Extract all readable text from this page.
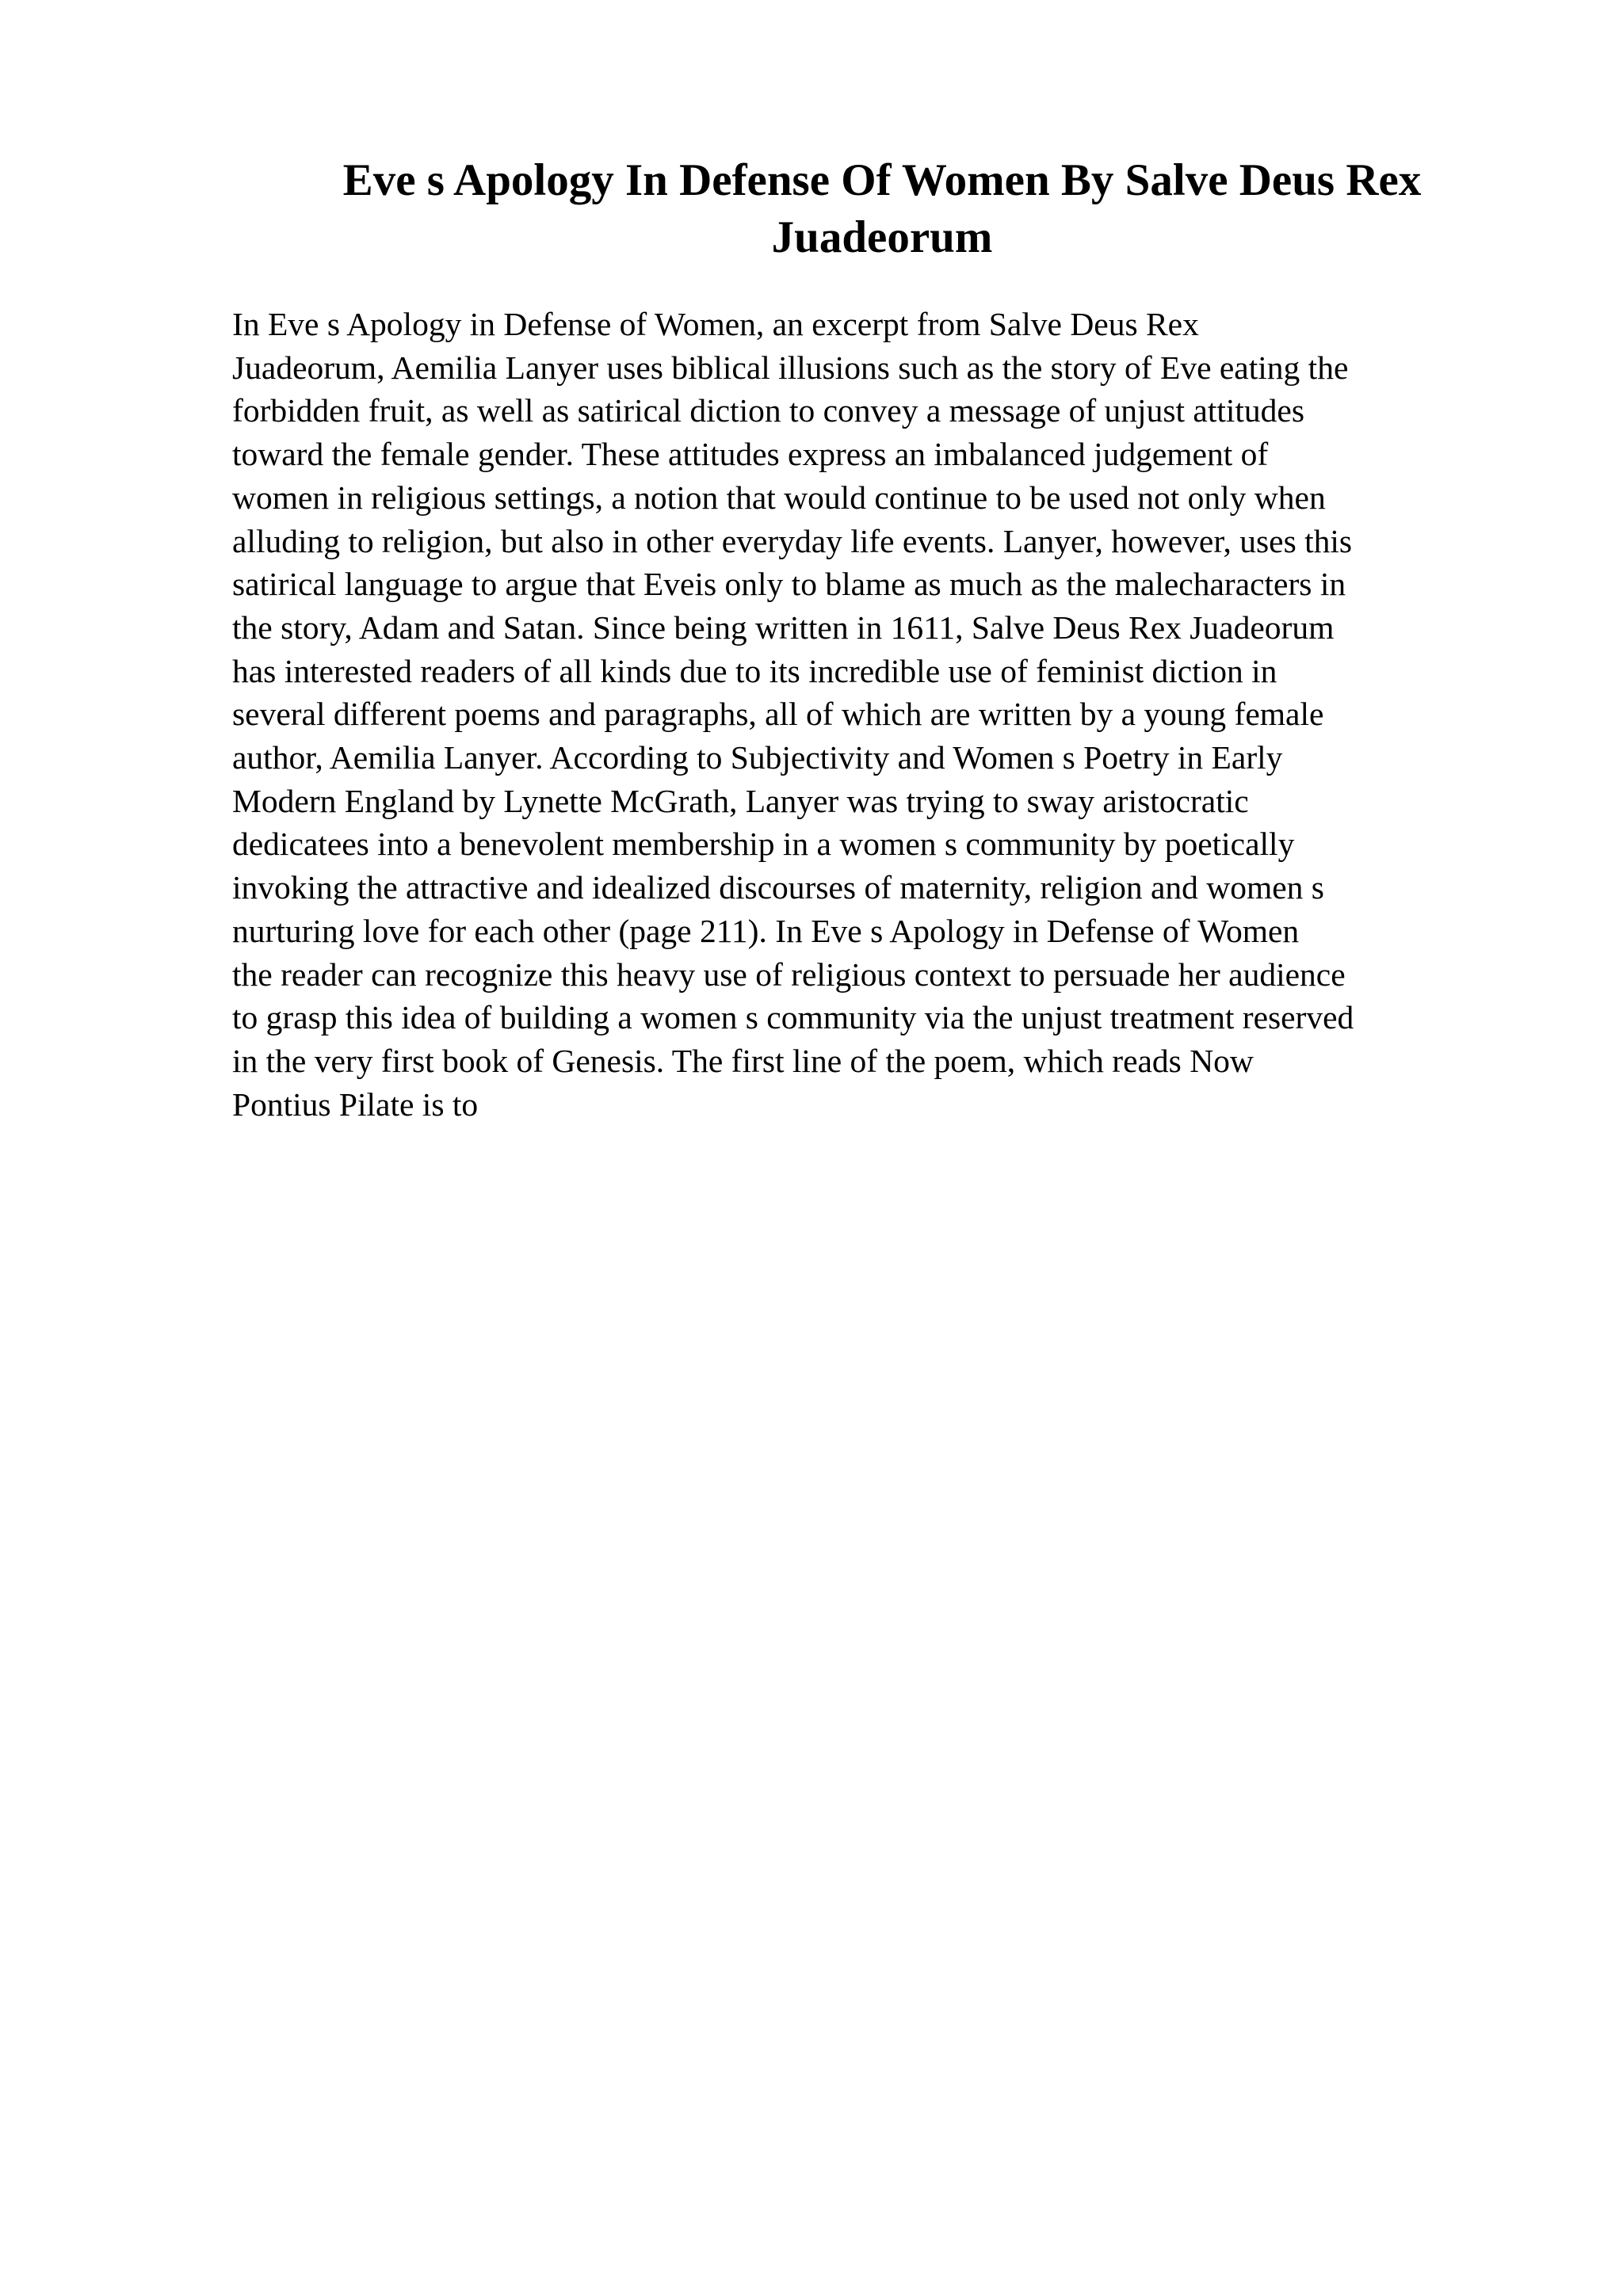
Eve s Apology In Defense Of Women By Salve Deus Rex
Juadeorum
In Eve s Apology in Defense of Women, an excerpt from Salve Deus Rex
Juadeorum, Aemilia Lanyer uses biblical illusions such as the story of Eve eating the
forbidden fruit, as well as satirical diction to convey a message of unjust attitudes
toward the female gender. These attitudes express an imbalanced judgement of
women in religious settings, a notion that would continue to be used not only when
alluding to religion, but also in other everyday life events. Lanyer, however, uses this
satirical language to argue that Eveis only to blame as much as the malecharacters in
the story, Adam and Satan. Since being written in 1611, Salve Deus Rex Juadeorum
has interested readers of all kinds due to its incredible use of feminist diction in
several different poems and paragraphs, all of which are written by a young female
author, Aemilia Lanyer. According to Subjectivity and Women s Poetry in Early
Modern England by Lynette McGrath, Lanyer was trying to sway aristocratic
dedicatees into a benevolent membership in a women s community by poetically
invoking the attractive and idealized discourses of maternity, religion and women s
nurturing love for each other (page 211). In Eve s Apology in Defense of Women
the reader can recognize this heavy use of religious context to persuade her audience
to grasp this idea of building a women s community via the unjust treatment reserved
in the very first book of Genesis. The first line of the poem, which reads Now
Pontius Pilate is to
